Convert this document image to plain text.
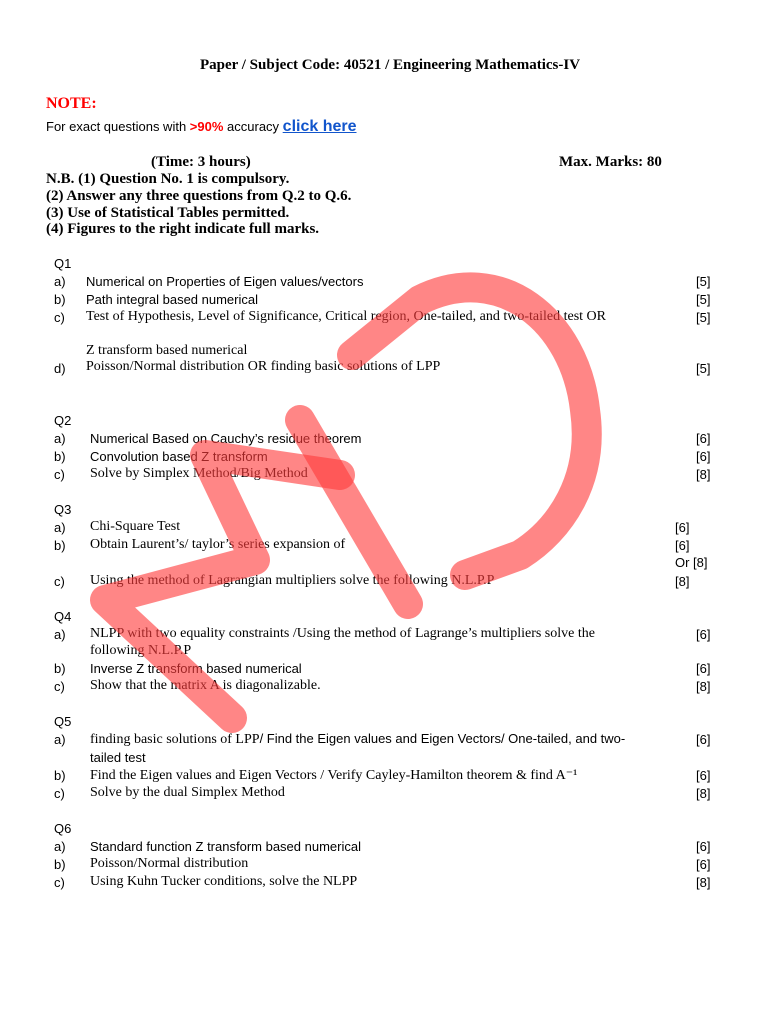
Paper / Subject Code: 40521 / Engineering Mathematics-IV
NOTE:
For exact questions with >90% accuracy click here
(Time: 3 hours)	Max. Marks: 80
N.B. (1) Question No. 1 is compulsory.
(2) Answer any three questions from Q.2 to Q.6.
(3) Use of Statistical Tables permitted.
(4) Figures to the right indicate full marks.
Q1
a) Numerical on Properties of Eigen values/vectors	[5]
b) Path integral based numerical	[5]
c) Test of Hypothesis, Level of Significance, Critical region, One-tailed, and two-tailed test OR	[5]
Z transform based numerical
d) Poisson/Normal distribution OR finding basic solutions of LPP	[5]
Q2
a) Numerical Based on Cauchy’s residue theorem	[6]
b) Convolution based Z transform	[6]
c) Solve by Simplex Method/Big Method	[8]
Q3
a) Chi-Square Test	[6]
b) Obtain Laurent’s/ taylor’s series expansion of	[6]
Or [8]
c) Using the method of Lagrangian multipliers solve the following N.L.P.P	[8]
Q4
a) NLPP with two equality constraints /Using the method of Lagrange’s multipliers solve the	[6]
following N.L.P.P
b) Inverse Z transform based numerical	[6]
c) Show that the matrix A is diagonalizable.	[8]
Q5
a) finding basic solutions of LPP/ Find the Eigen values and Eigen Vectors/ One-tailed, and two-	[6]
tailed test
b) Find the Eigen values and Eigen Vectors / Verify Cayley-Hamilton theorem & find A⁻¹	[6]
c) Solve by the dual Simplex Method	[8]
Q6
a) Standard function Z transform based numerical	[6]
b) Poisson/Normal distribution	[6]
c) Using Kuhn Tucker conditions, solve the NLPP	[8]
